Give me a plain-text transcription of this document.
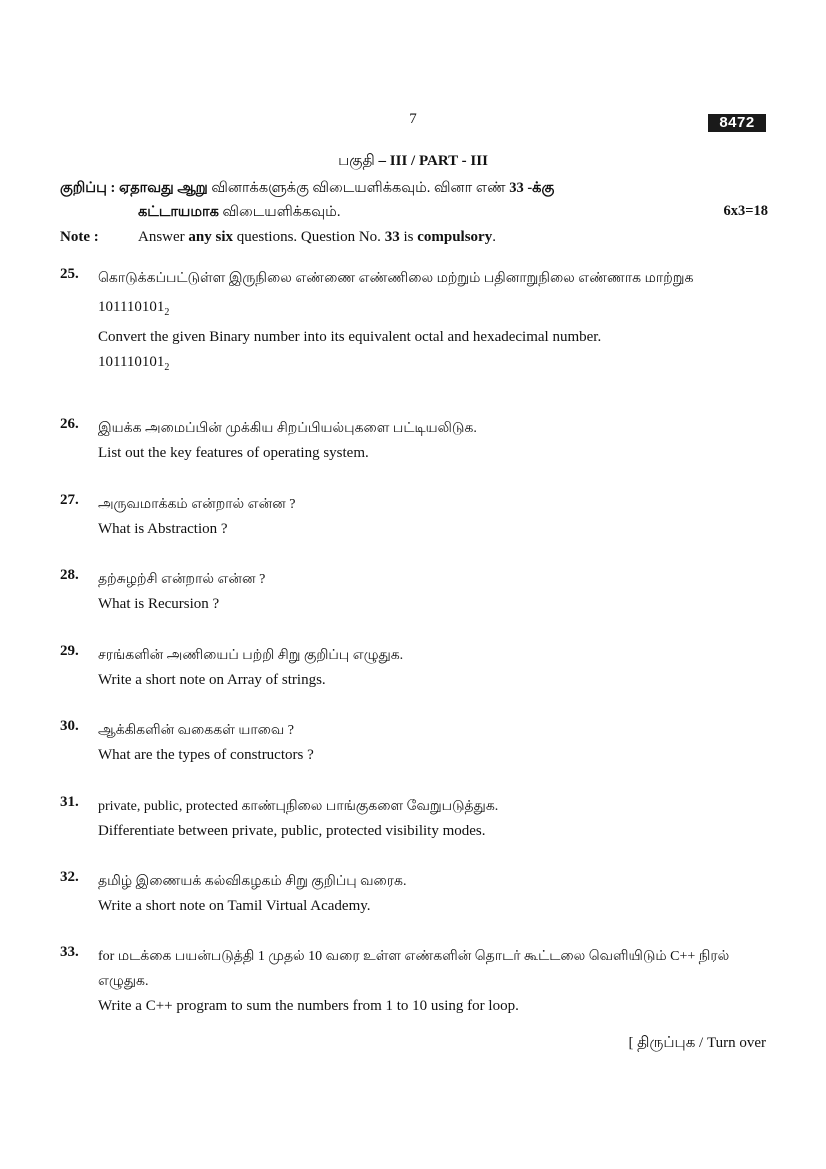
7	8472
பகுதி – III / PART - III
குறிப்பு : ஏதாவது ஆறு வினாக்களுக்கு விடையளிக்கவும். வினா எண் 33 -க்கு
கட்டாயமாக விடையளிக்கவும்.	6x3=18
Note :	Answer any six questions. Question No. 33 is compulsory.
25.	கொடுக்கப்பட்டுள்ள இருநிலை எண்ணை எண்ணிலை மற்றும் பதினாறுநிலை எண்ணாக மாற்றுக
$101110101_2$
Convert the given Binary number into its equivalent octal and hexadecimal number.
$101110101_2$
26.	இயக்க அமைப்பின் முக்கிய சிறப்பியல்புகளை பட்டியலிடுக.
List out the key features of operating system.
27.	அருவமாக்கம் என்றால் என்ன ?
What is Abstraction ?
28.	தற்சுழற்சி என்றால் என்ன ?
What is Recursion ?
29.	சரங்களின் அணியைப் பற்றி சிறு குறிப்பு எழுதுக.
Write a short note on Array of strings.
30.	ஆக்கிகளின் வகைகள் யாவை ?
What are the types of constructors ?
31.	private, public, protected காண்புநிலை பாங்குகளை வேறுபடுத்துக.
Differentiate between private, public, protected visibility modes.
32.	தமிழ் இணையக் கல்விகழகம் சிறு குறிப்பு வரைக.
Write a short note on Tamil Virtual Academy.
33.	for மடக்கை பயன்படுத்தி 1 முதல் 10 வரை உள்ள எண்களின் தொடர் கூட்டலை வெளியிடும் C++ நிரல் எழுதுக.
Write a C++ program to sum the numbers from 1 to 10 using for loop.
[ திருப்புக / Turn over
